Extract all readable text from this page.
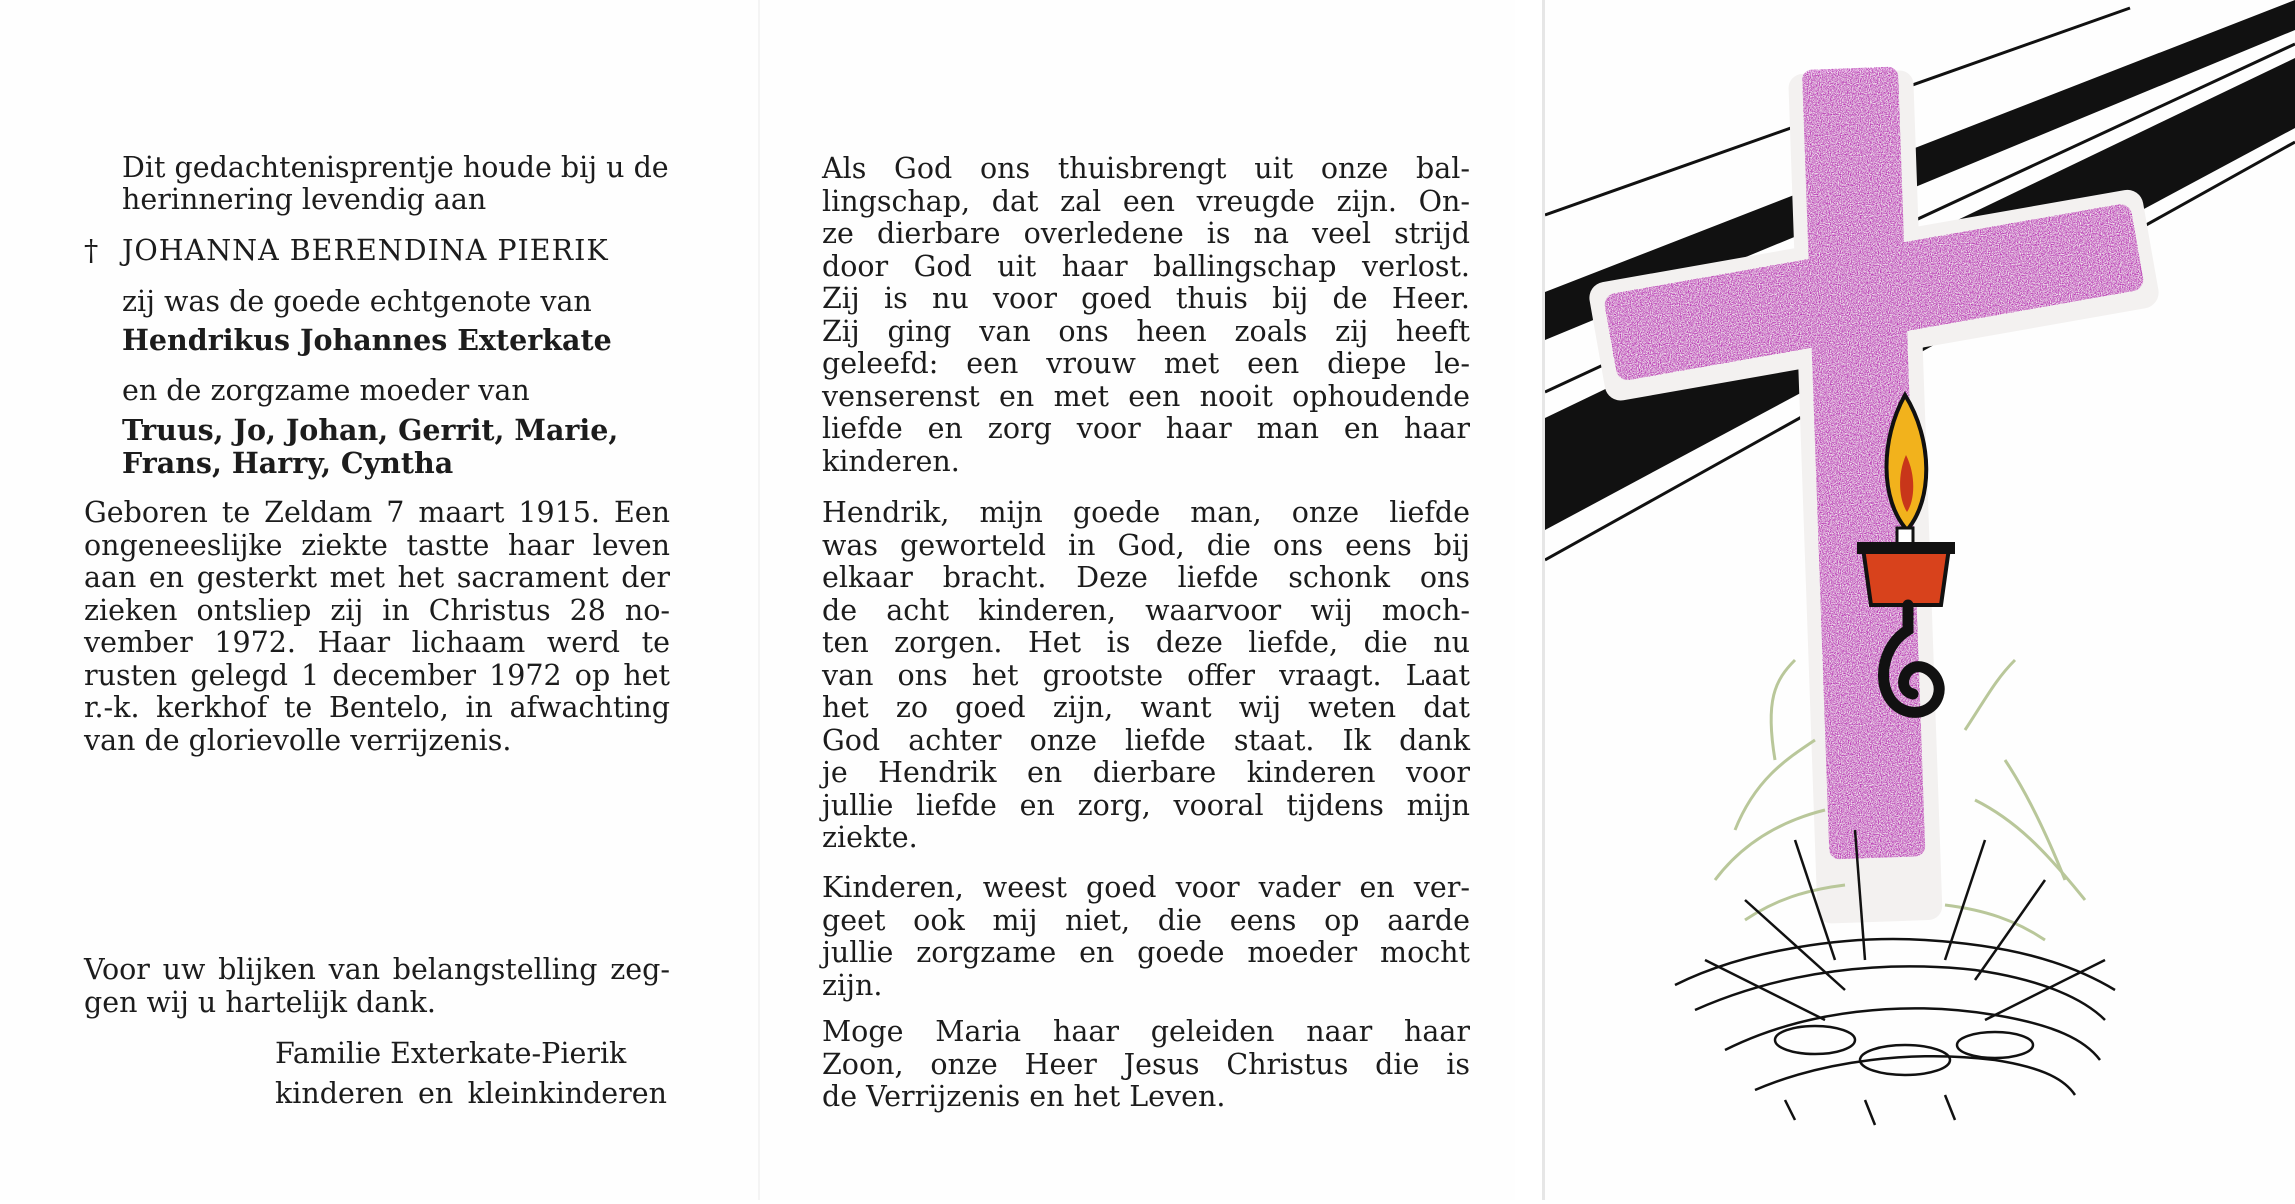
Dit gedachtenisprentje houde bij u de
herinnering levendig aan
† JOHANNA BERENDINA PIERIK
zij was de goede echtgenote van
Hendrikus Johannes Exterkate
en de zorgzame moeder van
Truus, Jo, Johan, Gerrit, Marie,
Frans, Harry, Cyntha
Geboren te Zeldam 7 maart 1915. Een
ongeneeslijke ziekte tastte haar leven
aan en gesterkt met het sacrament der
zieken ontsliep zij in Christus 28 no-
vember 1972. Haar lichaam werd te
rusten gelegd 1 december 1972 op het
r.-k. kerkhof te Bentelo, in afwachting
van de glorievolle verrijzenis.
Voor uw blijken van belangstelling zeg-
gen wij u hartelijk dank.
Familie Exterkate-Pierik
kinderen en kleinkinderen
Als God ons thuisbrengt uit onze bal-
lingschap, dat zal een vreugde zijn. On-
ze dierbare overledene is na veel strijd
door God uit haar ballingschap verlost.
Zij is nu voor goed thuis bij de Heer.
Zij ging van ons heen zoals zij heeft
geleefd: een vrouw met een diepe le-
venserenst en met een nooit ophoudende
liefde en zorg voor haar man en haar
kinderen.
Hendrik, mijn goede man, onze liefde
was geworteld in God, die ons eens bij
elkaar bracht. Deze liefde schonk ons
de acht kinderen, waarvoor wij moch-
ten zorgen. Het is deze liefde, die nu
van ons het grootste offer vraagt. Laat
het zo goed zijn, want wij weten dat
God achter onze liefde staat. Ik dank
je Hendrik en dierbare kinderen voor
jullie liefde en zorg, vooral tijdens mijn
ziekte.
Kinderen, weest goed voor vader en ver-
geet ook mij niet, die eens op aarde
jullie zorgzame en goede moeder mocht
zijn.
Moge Maria haar geleiden naar haar
Zoon, onze Heer Jesus Christus die is
de Verrijzenis en het Leven.
